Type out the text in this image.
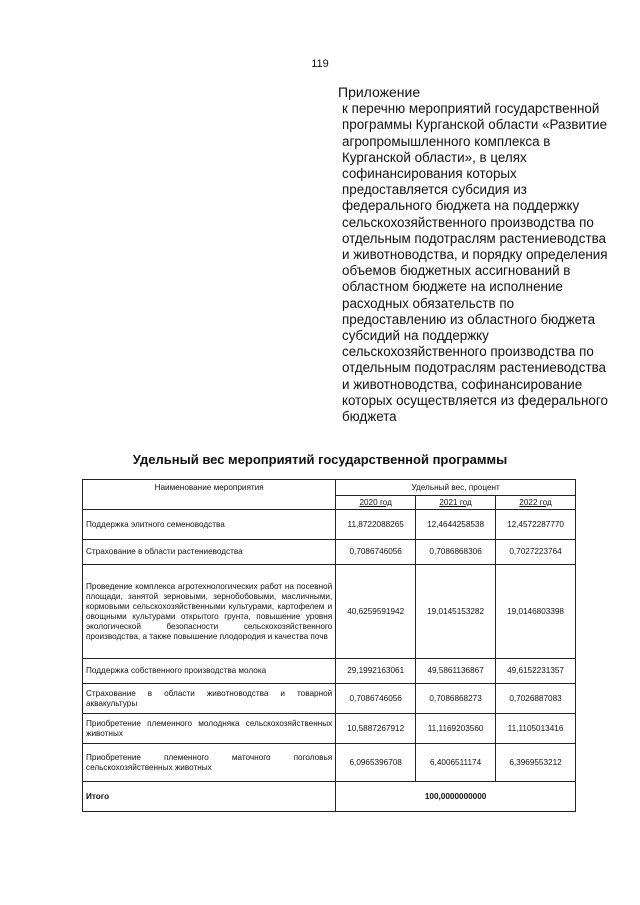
119
Приложение
к перечню мероприятий государственной программы Курганской области «Развитие агропромышленного комплекса в Курганской области», в целях софинансирования которых предоставляется субсидия из федерального бюджета на поддержку сельскохозяйственного производства по отдельным подотраслям растениеводства и животноводства, и порядку определения объемов бюджетных ассигнований в областном бюджете на исполнение расходных обязательств по предоставлению из областного бюджета субсидий на поддержку сельскохозяйственного производства по отдельным подотраслям растениеводства и животноводства, софинансирование которых осуществляется из федерального бюджета
Удельный вес мероприятий государственной программы
Наименование мероприятия	Удельный вес, процент		
	2020 год	2021 год	2022 год
Поддержка элитного семеноводства	11,8722088265	12,4644258538	12,4572287770
Страхование в области растениеводства	0,7086746056	0,7086868306	0,7027223764
Проведение комплекса агротехнологических работ на посевной площади, занятой зерновыми, зернобобовыми, масличными, кормовыми сельскохозяйственными культурами, картофелем и овощными культурами открытого грунта, повышение уровня экологической безопасности сельскохозяйственного производства, а также повышение плодородия и качества почв	40,6259591942	19,0145153282	19,0146803398
Поддержка собственного производства молока	29,1992163061	49,5861136867	49,6152231357
Страхование в области животноводства и товарной аквакультуры	0,7086746056	0,7086868273	0,7026887083
Приобретение племенного молодняка сельскохозяйственных животных	10,5887267912	11,1169203560	11,1105013416
Приобретение племенного маточного поголовья сельскохозяйственных животных	6,0965396708	6,4006511174	6,3969553212
Итого	100,0000000000		
